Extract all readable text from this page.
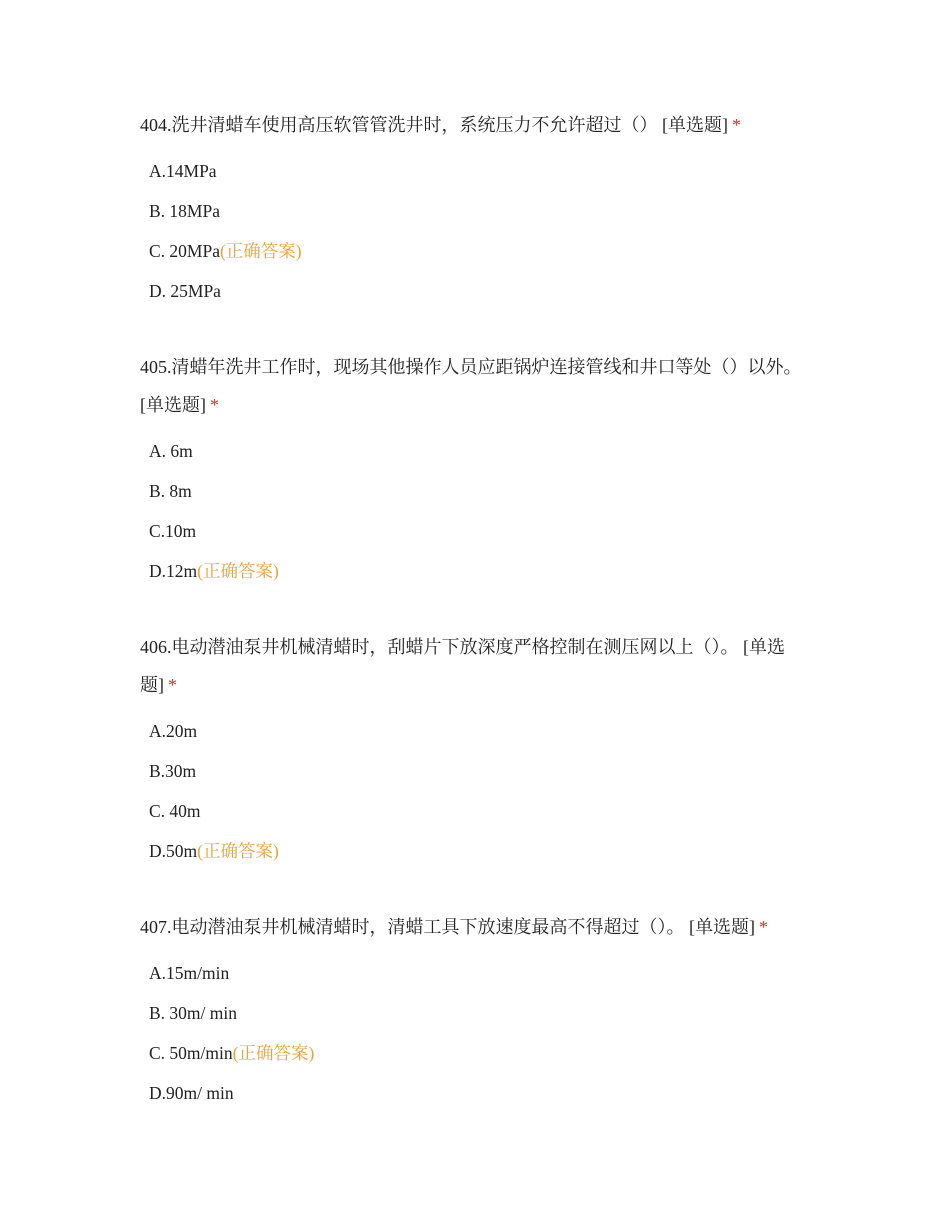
404.洗井清蜡车使用高压软管管洗井时，系统压力不允许超过（） [单选题] *

A.14MPa
B. 18MPa
C. 20MPa(正确答案)
D. 25MPa

405.清蜡年洗井工作时，现场其他操作人员应距锅炉连接管线和井口等处（）以外。 [单选题] *

A. 6m
B. 8m
C.10m
D.12m(正确答案)

406.电动潜油泵井机械清蜡时，刮蜡片下放深度严格控制在测压网以上（）。 [单选题] *

A.20m
B.30m
C. 40m
D.50m(正确答案)

407.电动潜油泵井机械清蜡时，清蜡工具下放速度最高不得超过（）。 [单选题] *

A.15m/min
B. 30m/ min
C. 50m/min(正确答案)
D.90m/ min
